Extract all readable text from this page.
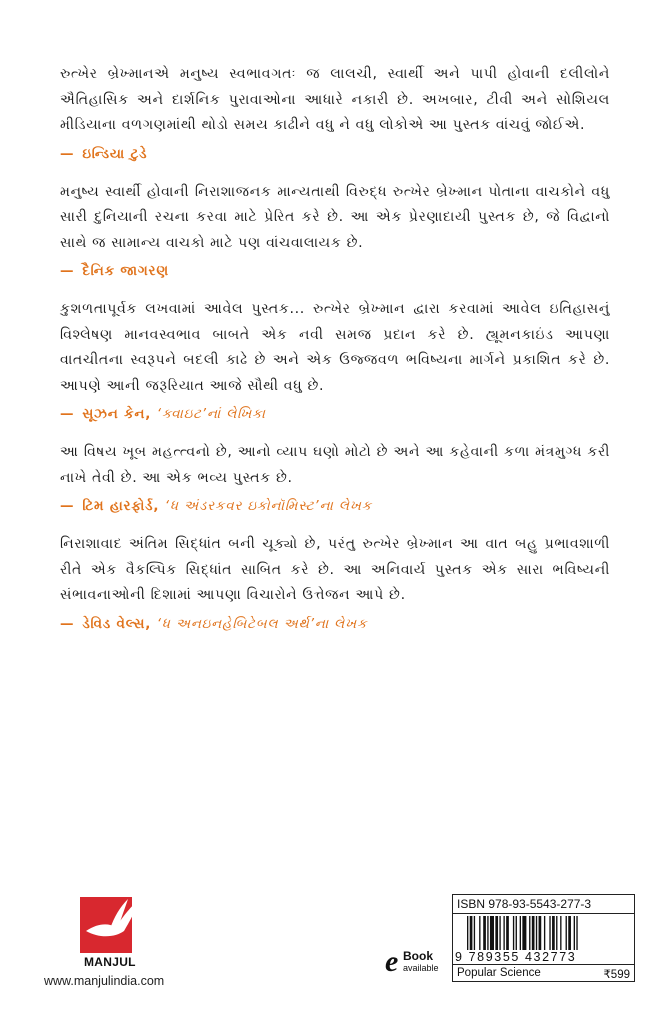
રુત્ખેર બ્રેખ્માનએ મનુષ્ય સ્વભાવગતઃ જ લાલચી, સ્વાર્થી અને પાપી હોવાની દલીલોને ઐતિહાસિક અને દાર્શનિક પુરાવાઓના આધારે નકારી છે. અખબાર, ટીવી અને સોશિયલ મીડિયાના વળગણમાંથી થોડો સમય કાઢીને વધુ ને વધુ લોકોએ આ પુસ્તક વાંચવું જોઈએ.

— ઇન્ડિયા ટુડે

મનુષ્ય સ્વાર્થી હોવાની નિરાશાજનક માન્યતાથી વિરુદ્ધ રુત્ખેર બ્રેખ્માન પોતાના વાચકોને વધુ સારી દુનિયાની રચના કરવા માટે પ્રેરિત કરે છે. આ એક પ્રેરણાદાયી પુસ્તક છે, જે વિદ્વાનો સાથે જ સામાન્ય વાચકો માટે પણ વાંચવાલાયક છે.

— દૈનિક જાગરણ

કુશળતાપૂર્વક લખવામાં આવેલ પુસ્તક... રુત્ખેર બ્રેખ્માન દ્વારા કરવામાં આવેલ ઇતિહાસનું વિશ્લેષણ માનવસ્વભાવ બાબતે એક નવી સમજ પ્રદાન કરે છે. હ્યૂમનકાઇંડ આપણા વાતચીતના સ્વરૂપને બદલી કાઢે છે અને એક ઉજ્જવળ ભવિષ્યના માર્ગને પ્રકાશિત કરે છે. આપણે આની જરૂરિયાત આજે સૌથી વધુ છે.

— સૂઝન કેન, ‘ક્વાઇટ’નાં લેખિકા

આ વિષય ખૂબ મહત્ત્વનો છે, આનો વ્યાપ ઘણો મોટો છે અને આ કહેવાની કળા મંત્રમુગ્ધ કરી નાખે તેવી છે. આ એક ભવ્ય પુસ્તક છે.

— ટિમ હારફોર્ડ, ‘ધ અંડરકવર ઇકોનૉમિસ્ટ’ના લેખક

નિરાશાવાદ અંતિમ સિદ્ધાંત બની ચૂક્યો છે, પરંતુ રુત્ખેર બ્રેખ્માન આ વાત બહુ પ્રભાવશાળી રીતે એક વૈકલ્પિક સિદ્ધાંત સાબિત કરે છે. આ અનિવાર્ય પુસ્તક એક સારા ભવિષ્યની સંભાવનાઓની દિશામાં આપણા વિચારોને ઉત્તેજન આપે છે.

— ડેવિડ વેલ્સ, ‘ધ અનઇનહેબિટેબલ અર્થ’ના લેખક
MANJUL
www.manjulindia.com
e Book
available
ISBN 978-93-5543-277-3
9 789355 432773
Popular Science	₹599
